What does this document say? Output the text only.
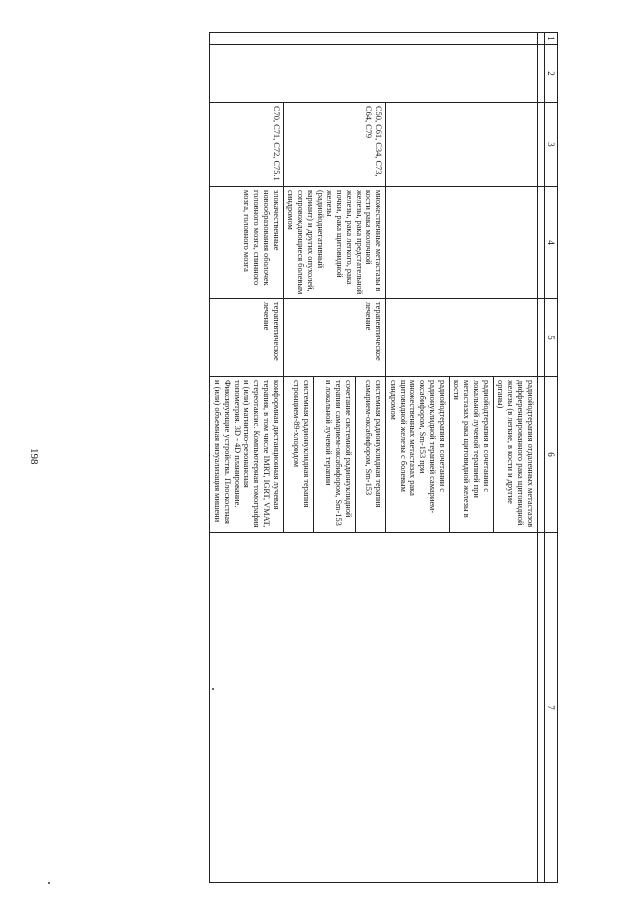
198
1	2	3	4	5	6	7

					радиойодтерапия отдаленных метастазов дифференцированного рака щитовидной железы (в легкие, в кости и другие органы)	
					радиойодтерапия в сочетании с локальной лучевой терапией при метастазах рака щитовидной железы в кости	
					радиойодтерапия в сочетании с радионуклидной терапией самарием-оксабифором, Sm-153 при множественных метастазах рака щитовидной железы с болевым синдромом	
		C50, C61, C34, C73, C64, C79	множественные метастазы в кости рака молочной железы, рака предстательной железы, рака легкого, рака почки, рака щитовидной железы (радиойоднегативный вариант) и других опухолей, сопровождающиеся болевым синдромом	терапевтическое лечение	системная радионуклидная терапия самарием-оксабифором, Sm-153	
					сочетание системной радионуклидной терапии самарием-оксабифором, Sm-153 и локальной лучевой терапии	
					системная радионуклидная терапия стронцием-89-хлоридом	
		C70, C71, C72, C75.1	злокачественные новообразования оболочек головного мозга, спинного мозга, головного мозга	терапевтическое лечение	конформная дистанционная лучевая терапия, в том числе IMRT, IGRT, VMAT, стереотаксис. Компьютерная томография и (или) магнитно-резонансная топометрия. 3D - 4D планирование. Фиксирующие устройства. Плоскостная и (или) объемная визуализация мишени	
